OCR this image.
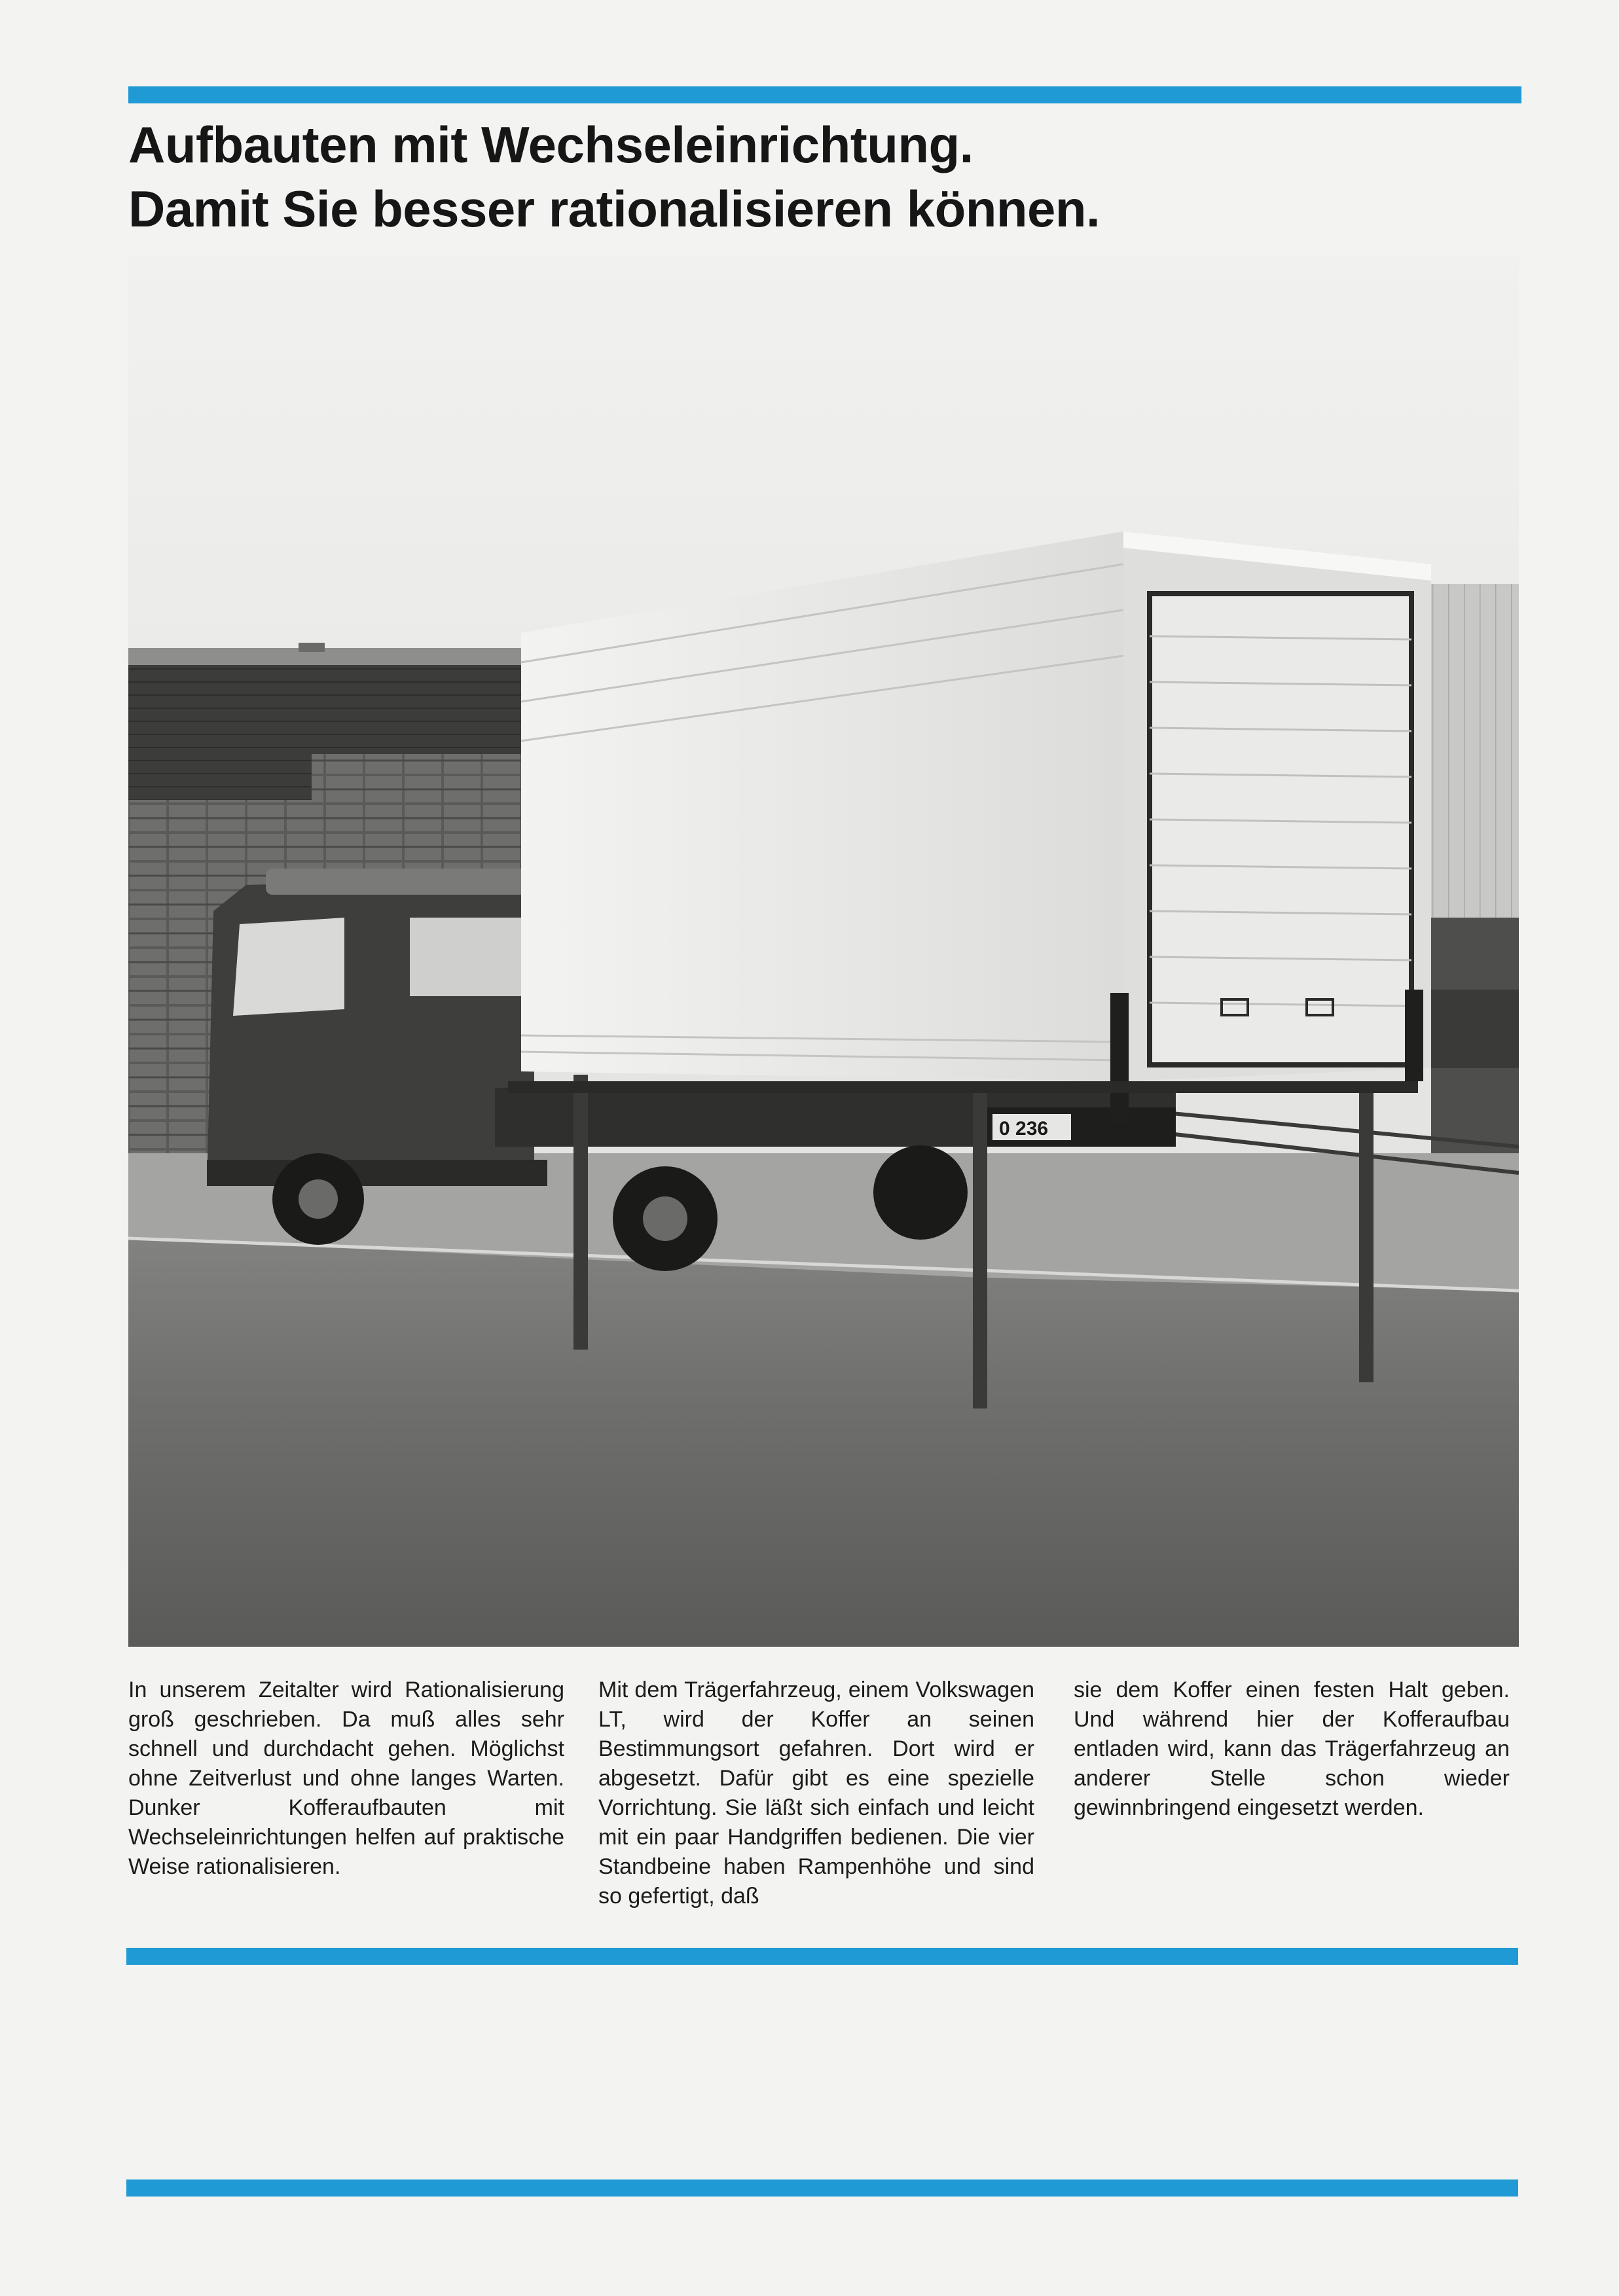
Aufbauten mit Wechseleinrichtung.
Damit Sie besser rationalisieren können.
0 236

In unserem Zeitalter wird Rationalisierung groß geschrieben. Da muß alles sehr schnell und durchdacht gehen. Möglichst ohne Zeitverlust und ohne langes Warten. Dunker Kofferaufbauten mit Wechseleinrichtungen helfen auf praktische Weise rationalisieren.

Mit dem Trägerfahrzeug, einem Volkswagen LT, wird der Koffer an seinen Bestimmungsort gefahren. Dort wird er abgesetzt. Dafür gibt es eine spezielle Vorrichtung. Sie läßt sich einfach und leicht mit ein paar Handgriffen bedienen. Die vier Standbeine haben Rampenhöhe und sind so gefertigt, daß

sie dem Koffer einen festen Halt geben. Und während hier der Kofferaufbau entladen wird, kann das Trägerfahrzeug an anderer Stelle schon wieder gewinnbringend eingesetzt werden.
